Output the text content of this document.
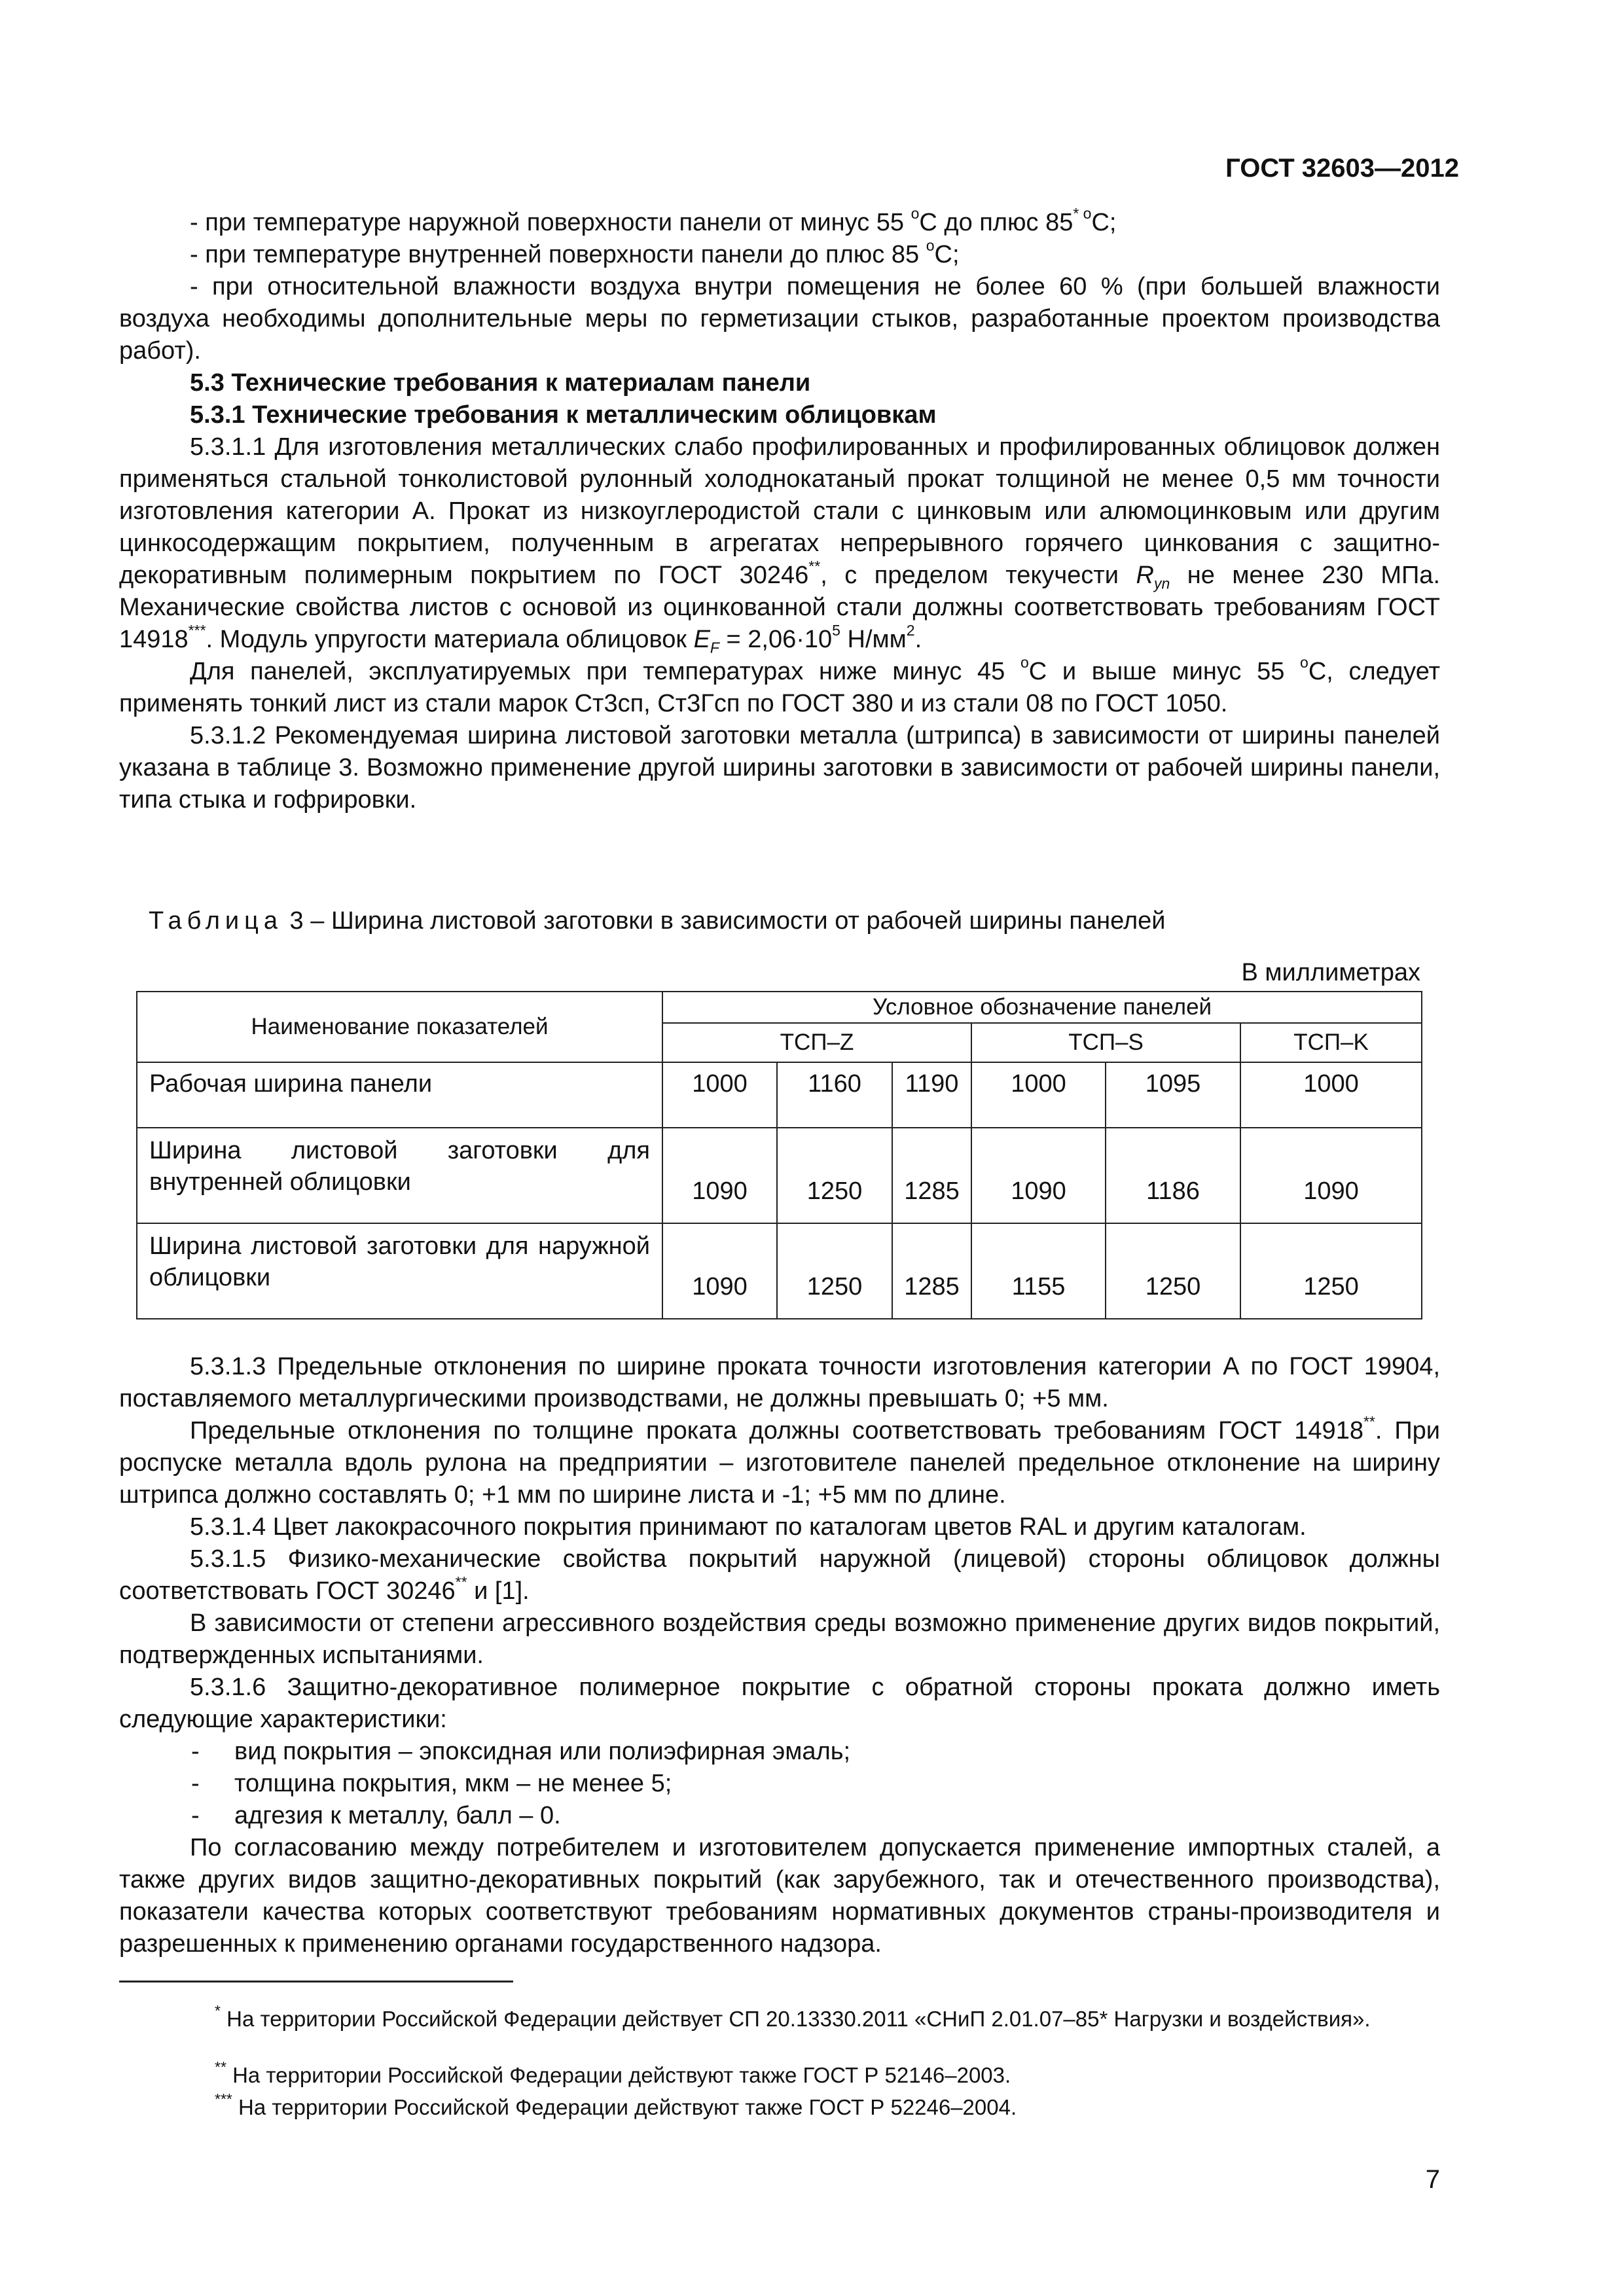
ГОСТ 32603—2012

- при температуре наружной поверхности панели от минус 55 $^o$С до плюс 85$^{* o}$С;

- при температуре внутренней поверхности панели до плюс 85 $^o$С;

- при относительной влажности воздуха внутри помещения не более 60 % (при большей влажности воздуха необходимы дополнительные меры по герметизации стыков, разработанные проектом производства работ).

5.3 Технические требования к материалам панели

5.3.1 Технические требования к металлическим облицовкам

5.3.1.1 Для изготовления металлических слабо профилированных и профилированных облицовок должен применяться стальной тонколистовой рулонный холоднокатаный прокат толщиной не менее 0,5 мм точности изготовления категории А. Прокат из низкоуглеродистой стали с цинковым или алюмоцинковым или другим цинкосодержащим покрытием, полученным в агрегатах непрерывного горячего цинкования с защитно-декоративным полимерным покрытием по ГОСТ 30246**, с пределом текучести $R_{yn}$ не менее 230 МПа. Механические свойства листов с основой из оцинкованной стали должны соответствовать требованиям ГОСТ 14918***. Модуль упругости материала облицовок $E_F = 2,06\cdot 10^5$ $Н/мм^2$.

Для панелей, эксплуатируемых при температурах ниже минус 45 $^o$С и выше минус 55 $^o$С, следует применять тонкий лист из стали марок Ст3сп, Ст3Гсп по ГОСТ 380 и из стали 08 по ГОСТ 1050.

5.3.1.2 Рекомендуемая ширина листовой заготовки металла (штрипса) в зависимости от ширины панелей указана в таблице 3. Возможно применение другой ширины заготовки в зависимости от рабочей ширины панели, типа стыка и гофрировки.

Таблица 3 – Ширина листовой заготовки в зависимости от рабочей ширины панелей
В миллиметрах
Наименование показателей	Условное обозначение панелей					
	ТСП–Z			ТСП–S		ТСП–K
Рабочая ширина панели	1000	1160	1190	1000	1095	1000

Ширина листовой заготовки для внутренней облицовки	1090	1250	1285	1090	1186	1090

Ширина листовой заготовки для наружной облицовки	1090	1250	1285	1155	1250	1250

5.3.1.3 Предельные отклонения по ширине проката точности изготовления категории А по ГОСТ 19904, поставляемого металлургическими производствами, не должны превышать 0; +5 мм.

Предельные отклонения по толщине проката должны соответствовать требованиям ГОСТ 14918**. При роспуске металла вдоль рулона на предприятии – изготовителе панелей предельное отклонение на ширину штрипса должно составлять 0; +1 мм по ширине листа и -1; +5 мм по длине.

5.3.1.4 Цвет лакокрасочного покрытия принимают по каталогам цветов RAL и другим каталогам.

5.3.1.5 Физико-механические свойства покрытий наружной (лицевой) стороны облицовок должны соответствовать ГОСТ 30246** и [1].

В зависимости от степени агрессивного воздействия среды возможно применение других видов покрытий, подтвержденных испытаниями.

5.3.1.6 Защитно-декоративное полимерное покрытие с обратной стороны проката должно иметь следующие характеристики:

-	вид покрытия – эпоксидная или полиэфирная эмаль;
-	толщина покрытия, мкм – не менее 5;
-	адгезия к металлу, балл – 0.

По согласованию между потребителем и изготовителем допускается применение импортных сталей, а также других видов защитно-декоративных покрытий (как зарубежного, так и отечественного производства), показатели качества которых соответствуют требованиям нормативных документов страны-производителя и разрешенных к применению органами государственного надзора.

* На территории Российской Федерации действует СП 20.13330.2011 «СНиП 2.01.07–85* Нагрузки и воздействия».
** На территории Российской Федерации действуют также ГОСТ Р 52146–2003.
*** На территории Российской Федерации действуют также ГОСТ Р 52246–2004.
7
